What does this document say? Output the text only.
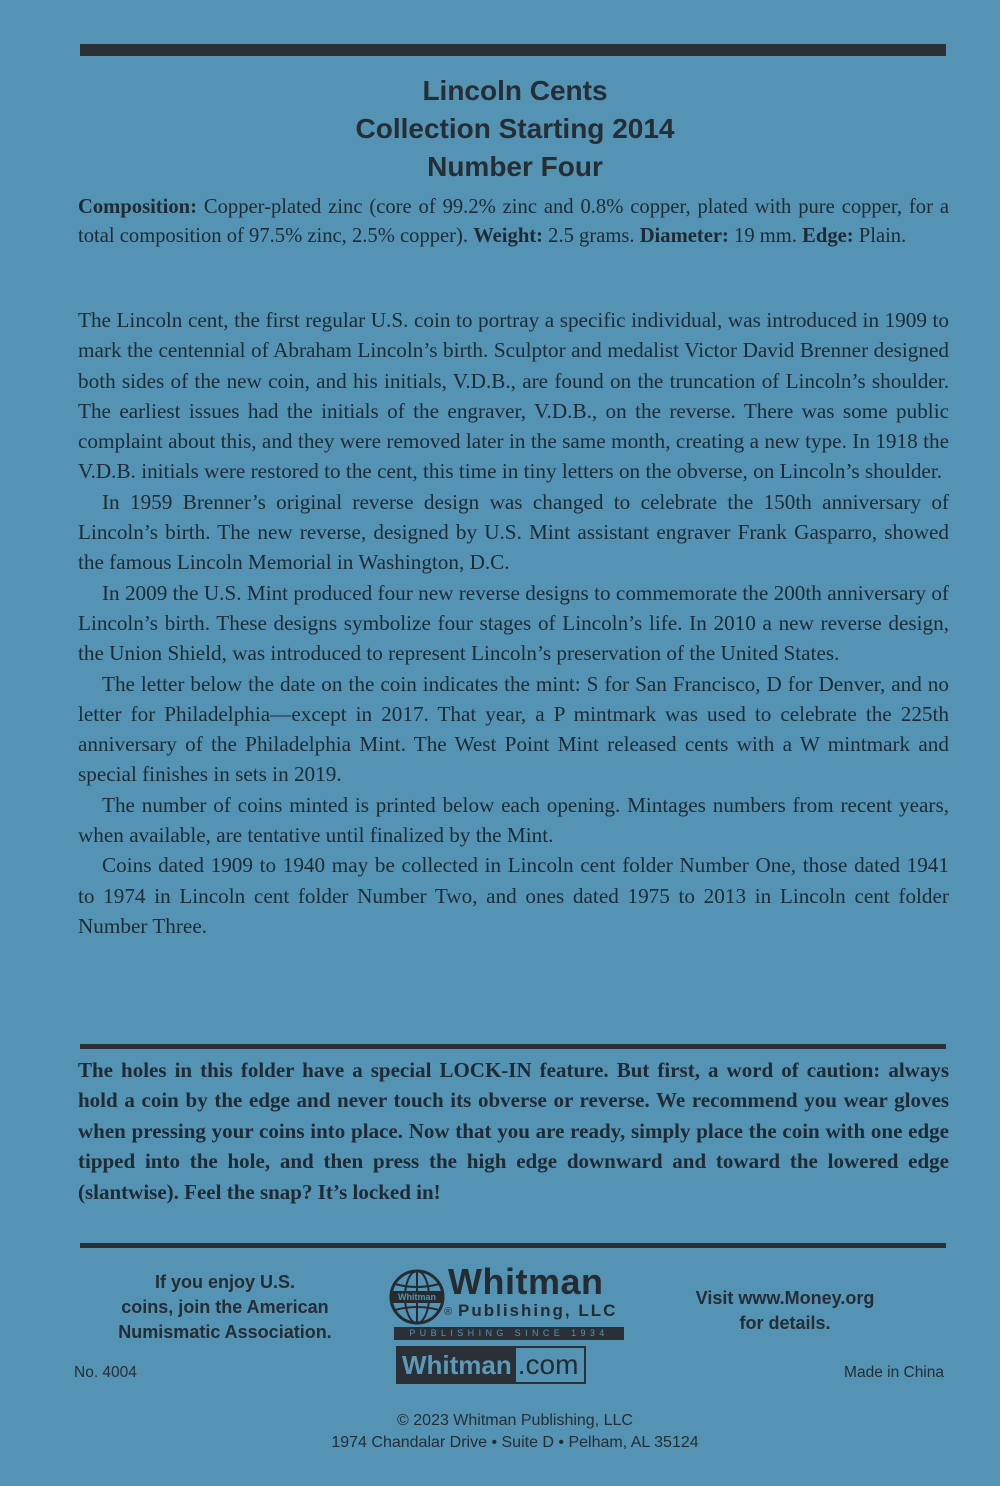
Lincoln Cents
Collection Starting 2014
Number Four
Composition: Copper-plated zinc (core of 99.2% zinc and 0.8% copper, plated with pure copper, for a total composition of 97.5% zinc, 2.5% copper). Weight: 2.5 grams. Diameter: 19 mm. Edge: Plain.

The Lincoln cent, the first regular U.S. coin to portray a specific individual, was introduced in 1909 to mark the centennial of Abraham Lincoln’s birth. Sculptor and medalist Victor David Brenner designed both sides of the new coin, and his initials, V.D.B., are found on the truncation of Lincoln’s shoulder. The earliest issues had the initials of the engraver, V.D.B., on the reverse. There was some public complaint about this, and they were removed later in the same month, creating a new type. In 1918 the V.D.B. initials were restored to the cent, this time in tiny letters on the obverse, on Lincoln’s shoulder.

In 1959 Brenner’s original reverse design was changed to celebrate the 150th anniversary of Lincoln’s birth. The new reverse, designed by U.S. Mint assistant engraver Frank Gasparro, showed the famous Lincoln Memorial in Washington, D.C.

In 2009 the U.S. Mint produced four new reverse designs to commemorate the 200th anniversary of Lincoln’s birth. These designs symbolize four stages of Lincoln’s life. In 2010 a new reverse design, the Union Shield, was introduced to represent Lincoln’s preservation of the United States.

The letter below the date on the coin indicates the mint: S for San Francisco, D for Denver, and no letter for Philadelphia—except in 2017. That year, a P mintmark was used to celebrate the 225th anniversary of the Philadelphia Mint. The West Point Mint released cents with a W mintmark and special finishes in sets in 2019.

The number of coins minted is printed below each opening. Mintages numbers from recent years, when available, are tentative until finalized by the Mint.

Coins dated 1909 to 1940 may be collected in Lincoln cent folder Number One, those dated 1941 to 1974 in Lincoln cent folder Number Two, and ones dated 1975 to 2013 in Lincoln cent folder Number Three.

The holes in this folder have a special LOCK-IN feature. But first, a word of caution: always hold a coin by the edge and never touch its obverse or reverse. We recommend you wear gloves when pressing your coins into place. Now that you are ready, simply place the coin with one edge tipped into the hole, and then press the high edge downward and toward the lowered edge (slantwise). Feel the snap? It’s locked in!
If you enjoy U.S.
coins, join the American
Numismatic Association.
Whitman Whitman
® Publishing, LLC
PUBLISHING SINCE 1934
Whitman .com
Visit www.Money.org
for details.
No. 4004	Made in China
© 2023 Whitman Publishing, LLC
1974 Chandalar Drive • Suite D • Pelham, AL 35124
